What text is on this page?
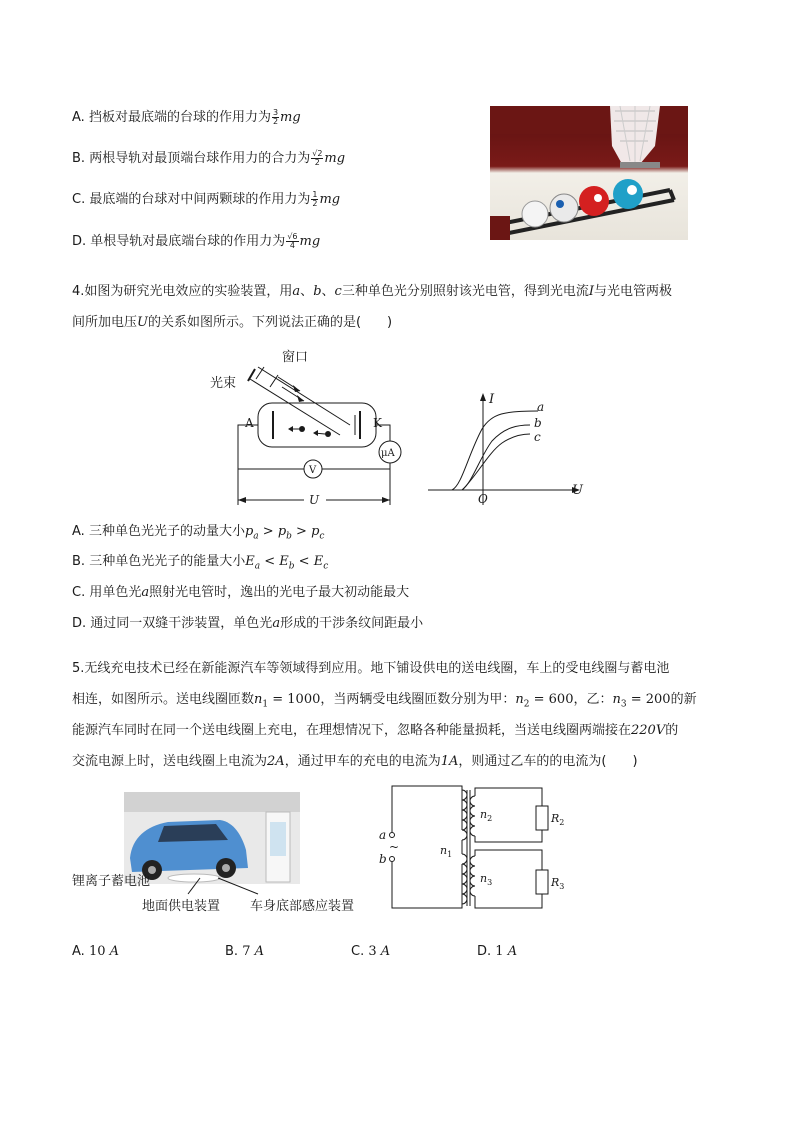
A. 挡板对最底端的台球的作用力为 $\frac{3}{2}$ mg
B. 两根导轨对最顶端台球作用力的合力为 $\frac{√2}{2}$ mg
C. 最底端的台球对中间两颗球的作用力为 $\frac{1}{2}$ mg
D. 单根导轨对最底端台球的作用力为 $\frac{√6}{4}$ mg
4.如图为研究光电效应的实验装置，用a、b、c三种单色光分别照射该光电管，得到光电流I与光电管两极
间所加电压U的关系如图所示。下列说法正确的是(　　)
窗口
光束
A	K
μA
V
U
I
U
O
a
b
c
A. 三种单色光光子的动量大小$p_a > p_b > p_c$
B. 三种单色光光子的能量大小$E_a < E_b < E_c$
C. 用单色光a照射光电管时，逸出的光电子最大初动能最大
D. 通过同一双缝干涉装置，单色光a形成的干涉条纹间距最小
5.无线充电技术已经在新能源汽车等领域得到应用。地下铺设供电的送电线圈，车上的受电线圈与蓄电池
相连，如图所示。送电线圈匝数$n_1 = 1000$，当两辆受电线圈匝数分别为甲：$n_2 = 600$，乙：$n_3 = 200$的新
能源汽车同时在同一个送电线圈上充电，在理想情况下，忽略各种能量损耗，当送电线圈两端接在220V的
交流电源上时，送电线圈上电流为2A，通过甲车的充电的电流为1A，则通过乙车的的电流为(　　)
锂离子蓄电池
地面供电装置 车身底部感应装置
a
b
~	$n_1$
$n_2$
$n_3$
$R_2$
$R_3$
A. 10 A	B. 7 A	C. 3 A	D. 1 A
